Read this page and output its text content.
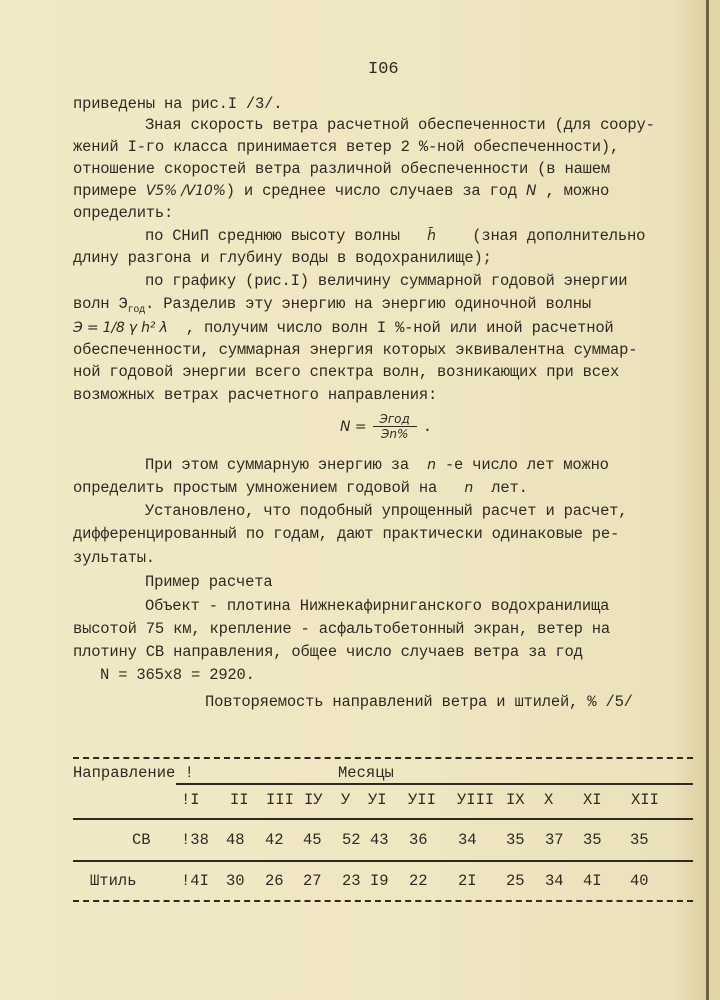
I06
приведены на рис.I /3/.
Зная скорость ветра расчетной обеспеченности (для соору-
жений I-го класса принимается ветер 2 %-ной обеспеченности),
отношение скоростей ветра различной обеспеченности (в нашем
примере V5% /V10%) и среднее число случаев за год N , можно
определить:
по СНиП среднюю высоту волны h̄ (зная дополнительно
длину разгона и глубину воды в водохранилище);
по графику (рис.I) величину суммарной годовой энергии
волн $Э_{год}$. Разделив эту энергию на энергию одиночной волны
Э = 1/8 γ h² λ , получим число волн I %-ной или иной расчетной
обеспеченности, суммарная энергия которых эквивалентна суммар-
ной годовой энергии всего спектра волн, возникающих при всех
возможных ветрах расчетного направления:
$N = \frac{\text{Эгод}}{Эn\%}$ .
При этом суммарную энергию за n -е число лет можно
определить простым умножением годовой на n лет.
Установлено, что подобный упрощенный расчет и расчет,
дифференцированный по годам, дают практически одинаковые ре-
зультаты.
Пример расчета
Объект - плотина Нижнекафирниганского водохранилища
высотой 75 км, крепление - асфальтобетонный экран, ветер на
плотину СВ направления, общее число случаев ветра за год
N = 365x8 = 2920.
Повторяемость направлений ветра и штилей, % /5/
Направление !	Месяцы
!I II III IУ У УI УII УIII IX X XI XII
СВ !38 48 42 45 52 43 36 34 35 37 35 35
Штиль	!4I 30 26 27 23 I9 22 2I 25 34 4I 40
